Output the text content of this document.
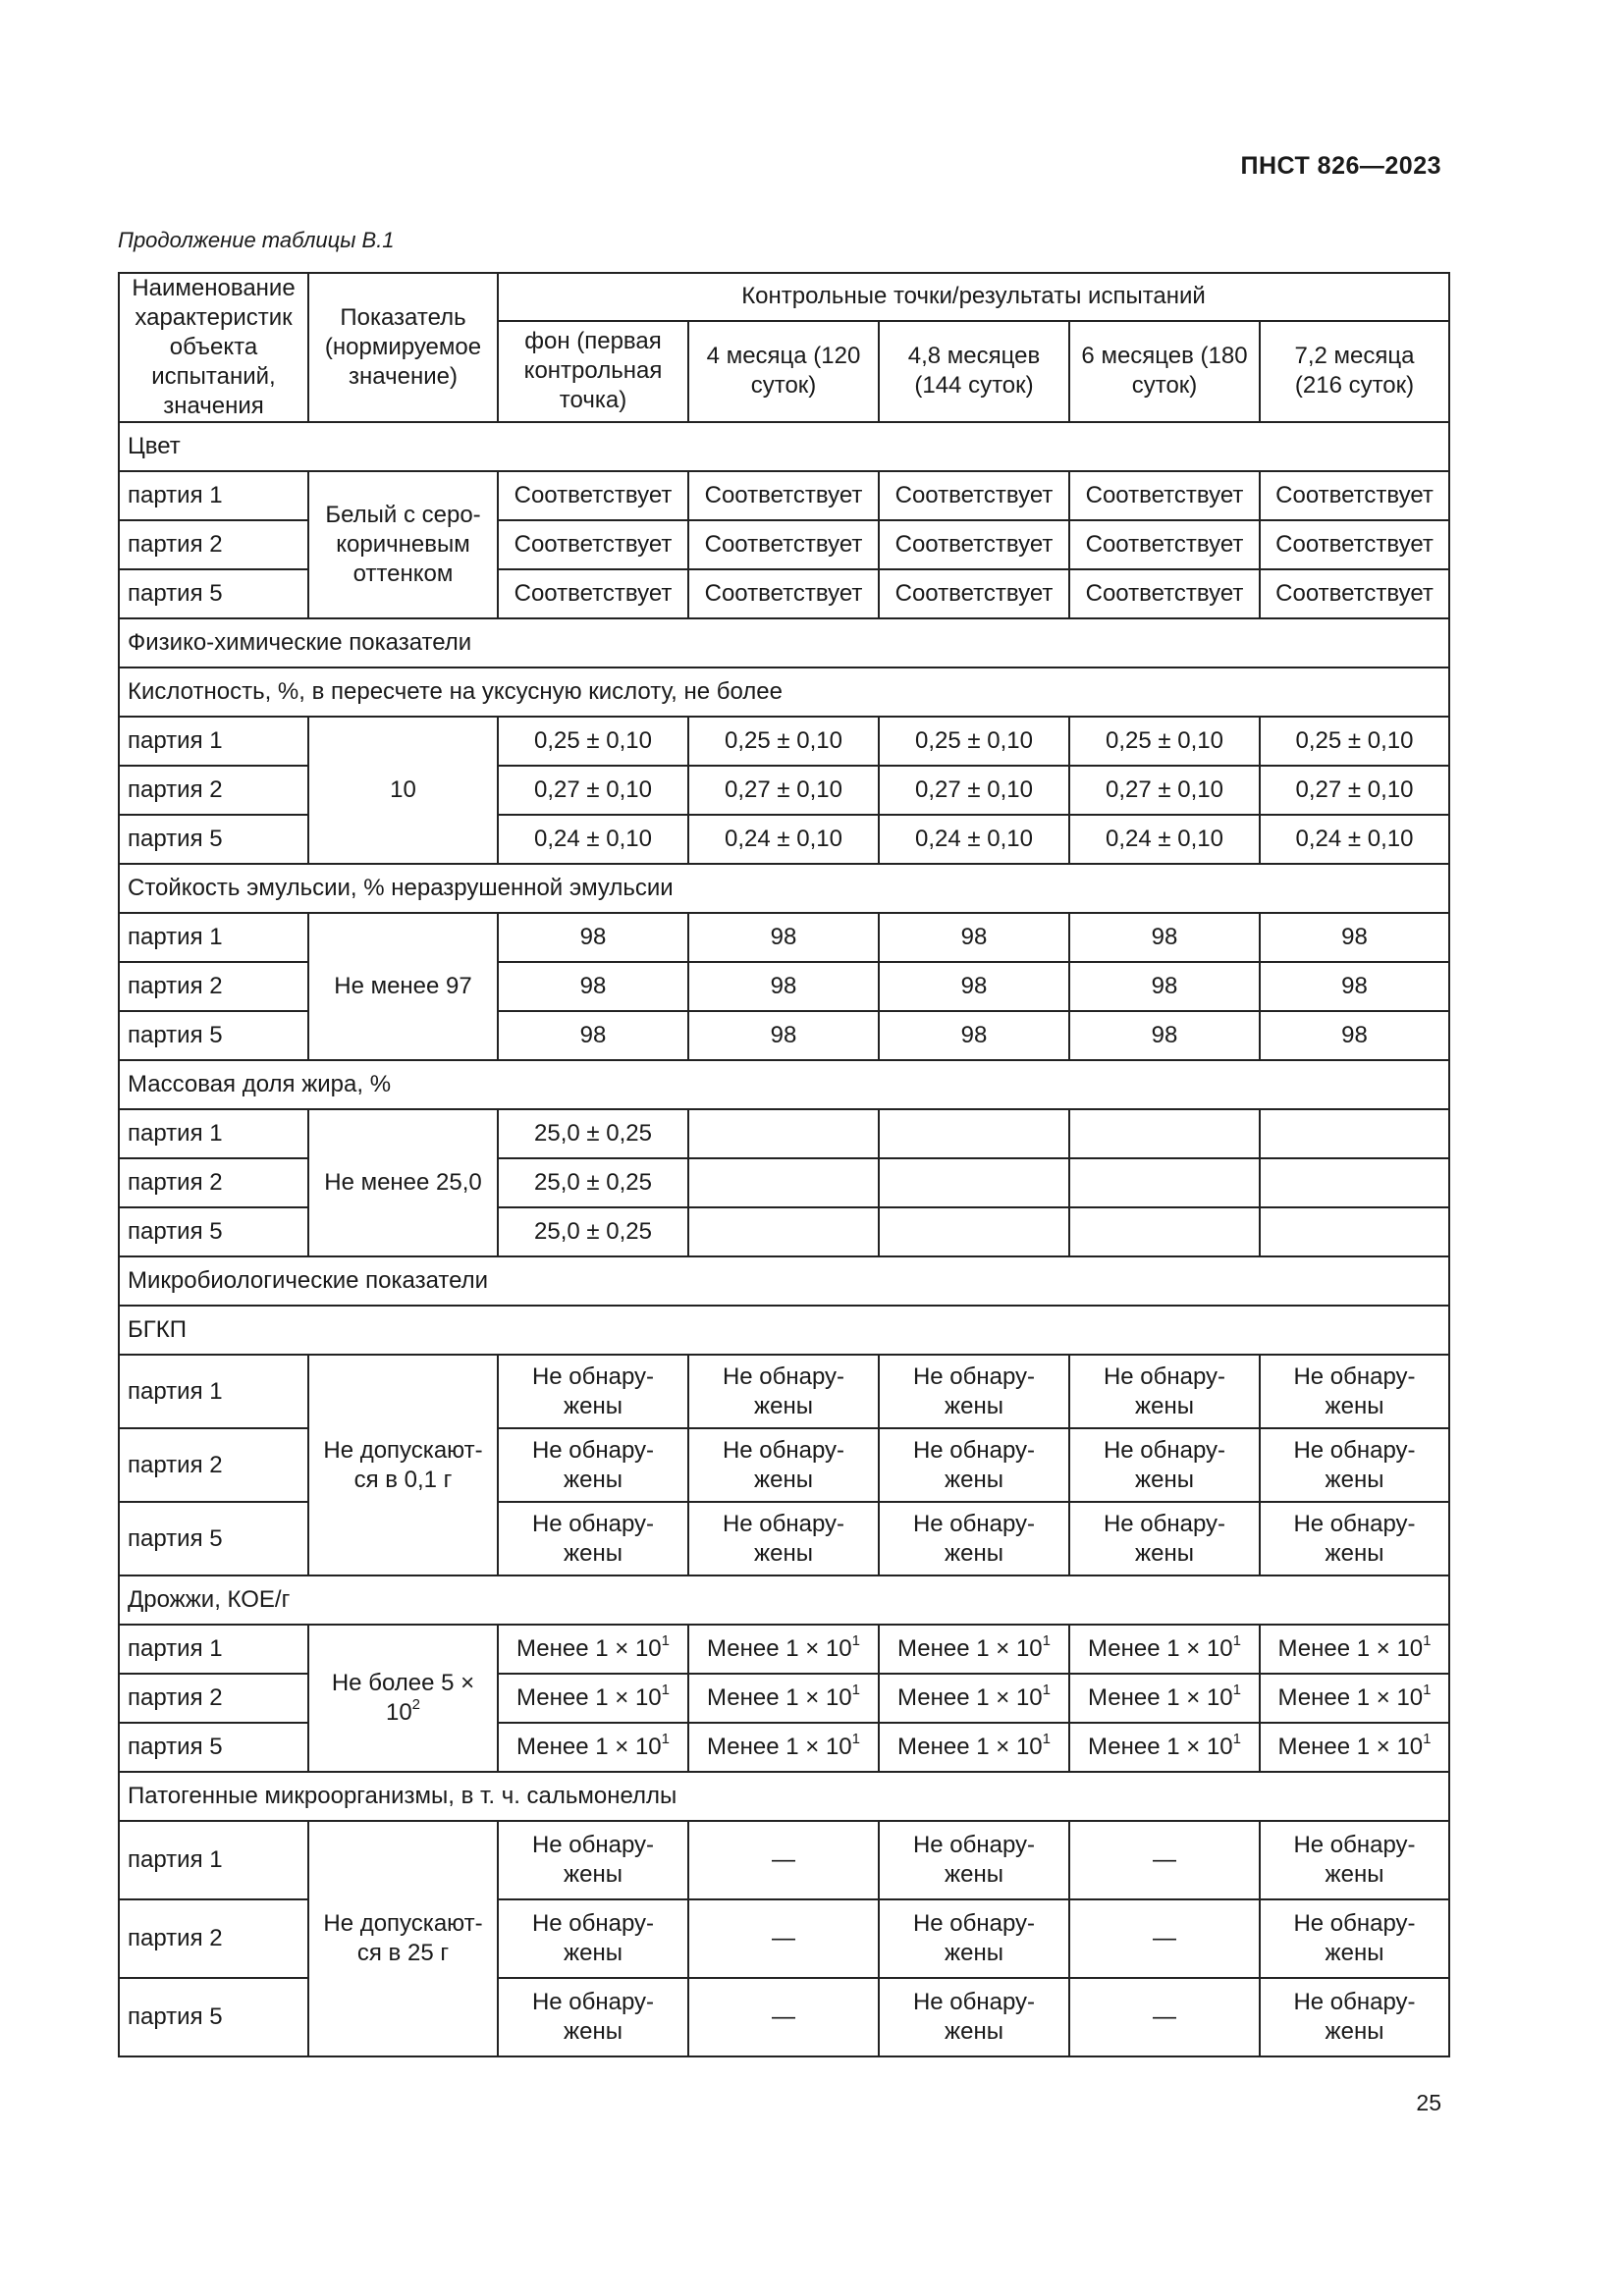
ПНСТ 826—2023
Продолжение таблицы В.1
Наименование характеристик объекта испытаний, значения	Показатель (нормируемое значение)	Контрольные точки/результаты испытаний				
		фон (первая контрольная точка)	4 месяца (120 суток)	4,8 месяцев (144 суток)	6 месяцев (180 суток)	7,2 месяца (216 суток)
Цвет						
партия 1	Белый с серо-коричневым оттенком	Соответствует	Соответствует	Соответствует	Соответствует	Соответствует
партия 2		Соответствует	Соответствует	Соответствует	Соответствует	Соответствует
партия 5		Соответствует	Соответствует	Соответствует	Соответствует	Соответствует
Физико-химические показатели						
Кислотность, %, в пересчете на уксусную кислоту, не более						
партия 1	10	0,25 ± 0,10	0,25 ± 0,10	0,25 ± 0,10	0,25 ± 0,10	0,25 ± 0,10
партия 2		0,27 ± 0,10	0,27 ± 0,10	0,27 ± 0,10	0,27 ± 0,10	0,27 ± 0,10
партия 5		0,24 ± 0,10	0,24 ± 0,10	0,24 ± 0,10	0,24 ± 0,10	0,24 ± 0,10
Стойкость эмульсии, % неразрушенной эмульсии						
партия 1	Не менее 97	98	98	98	98	98
партия 2		98	98	98	98	98
партия 5		98	98	98	98	98
Массовая доля жира, %						
партия 1	Не менее 25,0	25,0 ± 0,25				
партия 2		25,0 ± 0,25				
партия 5		25,0 ± 0,25				
Микробиологические показатели						
БГКП						
партия 1	Не допускают-ся в 0,1 г	Не обнару-жены	Не обнару-жены	Не обнару-жены	Не обнару-жены	Не обнару-жены
партия 2		Не обнару-жены	Не обнару-жены	Не обнару-жены	Не обнару-жены	Не обнару-жены
партия 5		Не обнару-жены	Не обнару-жены	Не обнару-жены	Не обнару-жены	Не обнару-жены
Дрожжи, КОЕ/г						
партия 1	Не более $5 \times 10^2$	Менее $1 \times 10^1$	Менее $1 \times 10^1$	Менее $1 \times 10^1$	Менее $1 \times 10^1$	Менее $1 \times 10^1$
партия 2		Менее $1 \times 10^1$	Менее $1 \times 10^1$	Менее $1 \times 10^1$	Менее $1 \times 10^1$	Менее $1 \times 10^1$
партия 5		Менее $1 \times 10^1$	Менее $1 \times 10^1$	Менее $1 \times 10^1$	Менее $1 \times 10^1$	Менее $1 \times 10^1$
Патогенные микроорганизмы, в т. ч. сальмонеллы						
партия 1	Не допускают-ся в 25 г	Не обнару-жены	—	Не обнару-жены	—	Не обнару-жены
партия 2		Не обнару-жены	—	Не обнару-жены	—	Не обнару-жены
партия 5		Не обнару-жены	—	Не обнару-жены	—	Не обнару-жены
25
